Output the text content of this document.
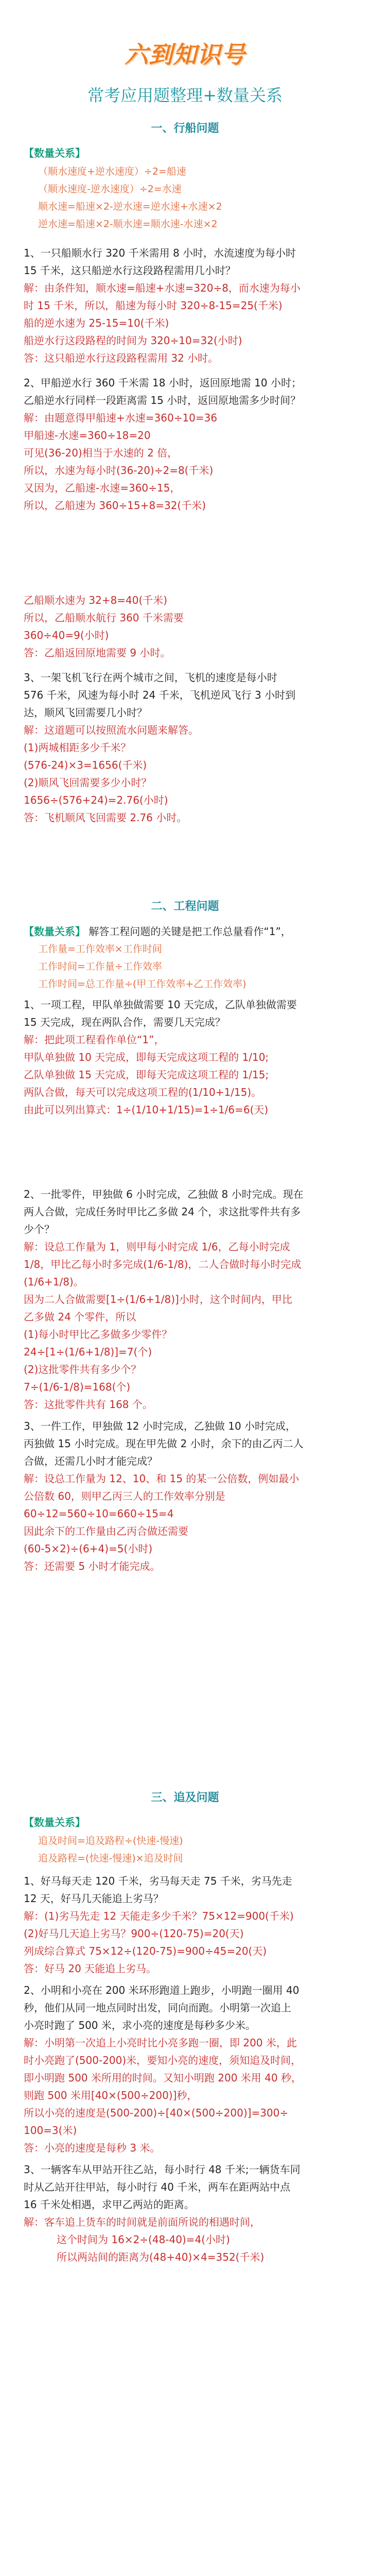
六到知识号
常考应用题整理+数量关系
一、行船问题
【数量关系】
（顺水速度+逆水速度）÷2=船速
（顺水速度-逆水速度）÷2=水速
顺水速=船速×2-逆水速=逆水速+水速×2
逆水速=船速×2-顺水速=顺水速-水速×2
1、一只船顺水行 320 千米需用 8 小时，水流速度为每小时
15 千米，这只船逆水行这段路程需用几小时？
解：由条件知，顺水速=船速+水速=320÷8，而水速为每小
时 15 千米，所以，船速为每小时 320÷8-15=25(千米)
船的逆水速为 25-15=10(千米)
船逆水行这段路程的时间为 320÷10=32(小时)
答：这只船逆水行这段路程需用 32 小时。
2、甲船逆水行 360 千米需 18 小时，返回原地需 10 小时；
乙船逆水行同样一段距离需 15 小时，返回原地需多少时间？
解：由题意得甲船速+水速=360÷10=36
甲船速-水速=360÷18=20
可见(36-20)相当于水速的 2 倍，
所以，水速为每小时(36-20)÷2=8(千米)
又因为，乙船速-水速=360÷15，
所以，乙船速为 360÷15+8=32(千米)
乙船顺水速为 32+8=40(千米)
所以，乙船顺水航行 360 千米需要
360÷40=9(小时)
答：乙船返回原地需要 9 小时。
3、一架飞机飞行在两个城市之间，飞机的速度是每小时
576 千米，风速为每小时 24 千米，飞机逆风飞行 3 小时到
达，顺风飞回需要几小时？
解：这道题可以按照流水问题来解答。
(1)两城相距多少千米？
(576-24)×3=1656(千米)
(2)顺风飞回需要多少小时？
1656÷(576+24)=2.76(小时)
答：飞机顺风飞回需要 2.76 小时。
二、工程问题
【数量关系】 解答工程问题的关键是把工作总量看作“1”，
工作量=工作效率×工作时间
工作时间=工作量÷工作效率
工作时间=总工作量÷(甲工作效率+乙工作效率)
1、一项工程，甲队单独做需要 10 天完成，乙队单独做需要
15 天完成，现在两队合作，需要几天完成？
解：把此项工程看作单位“1”，
甲队单独做 10 天完成，即每天完成这项工程的 1/10;
乙队单独做 15 天完成，即每天完成这项工程的 1/15;
两队合做，每天可以完成这项工程的(1/10+1/15)。
由此可以列出算式：1÷(1/10+1/15)=1÷1/6=6(天)
2、一批零件，甲独做 6 小时完成，乙独做 8 小时完成。现在
两人合做，完成任务时甲比乙多做 24 个，求这批零件共有多
少个？
解：设总工作量为 1，则甲每小时完成 1/6，乙每小时完成
1/8，甲比乙每小时多完成(1/6-1/8)，二人合做时每小时完成
(1/6+1/8)。
因为二人合做需要[1÷(1/6+1/8)]小时，这个时间内，甲比
乙多做 24 个零件，所以
(1)每小时甲比乙多做多少零件？
24÷[1÷(1/6+1/8)]=7(个)
(2)这批零件共有多少个？
7÷(1/6-1/8)=168(个)
答：这批零件共有 168 个。
3、一件工作，甲独做 12 小时完成，乙独做 10 小时完成，
丙独做 15 小时完成。现在甲先做 2 小时，余下的由乙丙二人
合做，还需几小时才能完成？
解：设总工作量为 12、10、和 15 的某一公倍数，例如最小
公倍数 60，则甲乙丙三人的工作效率分别是
60÷12=560÷10=660÷15=4
因此余下的工作量由乙丙合做还需要
(60-5×2)÷(6+4)=5(小时)
答：还需要 5 小时才能完成。
三、追及问题
【数量关系】
追及时间=追及路程÷(快速-慢速)
追及路程=(快速-慢速)×追及时间
1、好马每天走 120 千米，劣马每天走 75 千米，劣马先走
12 天，好马几天能追上劣马？
解：(1)劣马先走 12 天能走多少千米？75×12=900(千米)
(2)好马几天追上劣马？900÷(120-75)=20(天)
列成综合算式 75×12÷(120-75)=900÷45=20(天)
答：好马 20 天能追上劣马。
2、小明和小亮在 200 米环形跑道上跑步，小明跑一圈用 40
秒，他们从同一地点同时出发，同向而跑。小明第一次追上
小亮时跑了 500 米，求小亮的速度是每秒多少米。
解：小明第一次追上小亮时比小亮多跑一圈，即 200 米，此
时小亮跑了(500-200)米，要知小亮的速度，须知追及时间，
即小明跑 500 米所用的时间。又知小明跑 200 米用 40 秒，
则跑 500 米用[40×(500÷200)]秒，
所以小亮的速度是(500-200)÷[40×(500÷200)]=300÷
100=3(米)
答：小亮的速度是每秒 3 米。
3、一辆客车从甲站开往乙站，每小时行 48 千米;一辆货车同
时从乙站开往甲站，每小时行 40 千米，两车在距两站中点
16 千米处相遇，求甲乙两站的距离。
解：客车追上货车的时间就是前面所说的相遇时间，
这个时间为 16×2÷(48-40)=4(小时)
所以两站间的距离为(48+40)×4=352(千米)
